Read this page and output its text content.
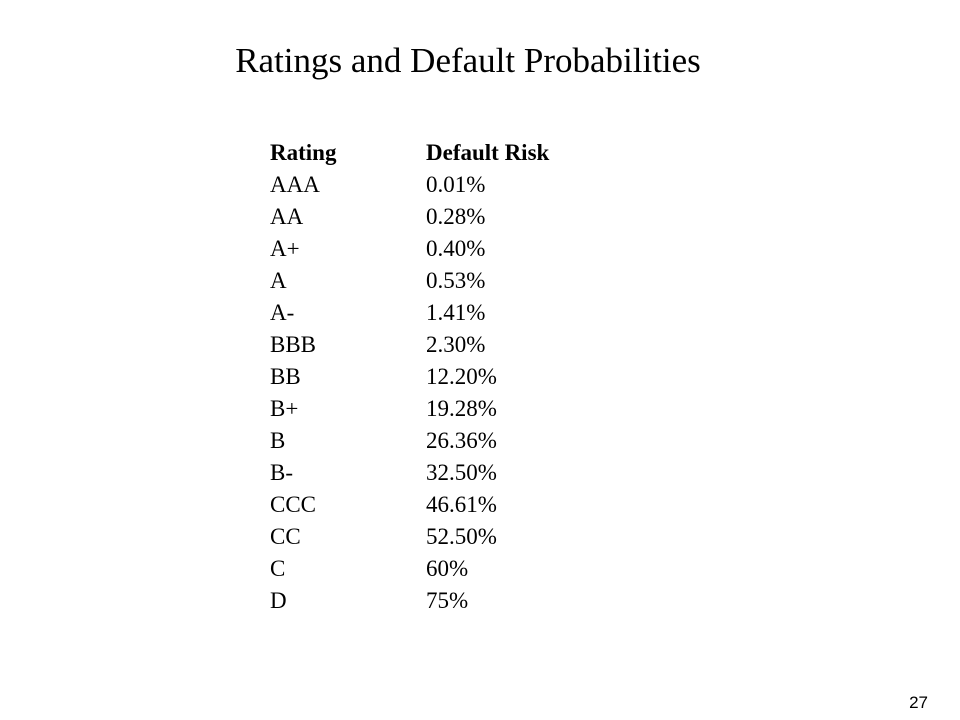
Ratings and Default Probabilities
Rating	Default Risk
AAA	0.01%
AA	0.28%
A+	0.40%
A	0.53%
A-	1.41%
BBB	2.30%
BB	12.20%
B+	19.28%
B	26.36%
B-	32.50%
CCC	46.61%
CC	52.50%
C	60%
D	75%
27
